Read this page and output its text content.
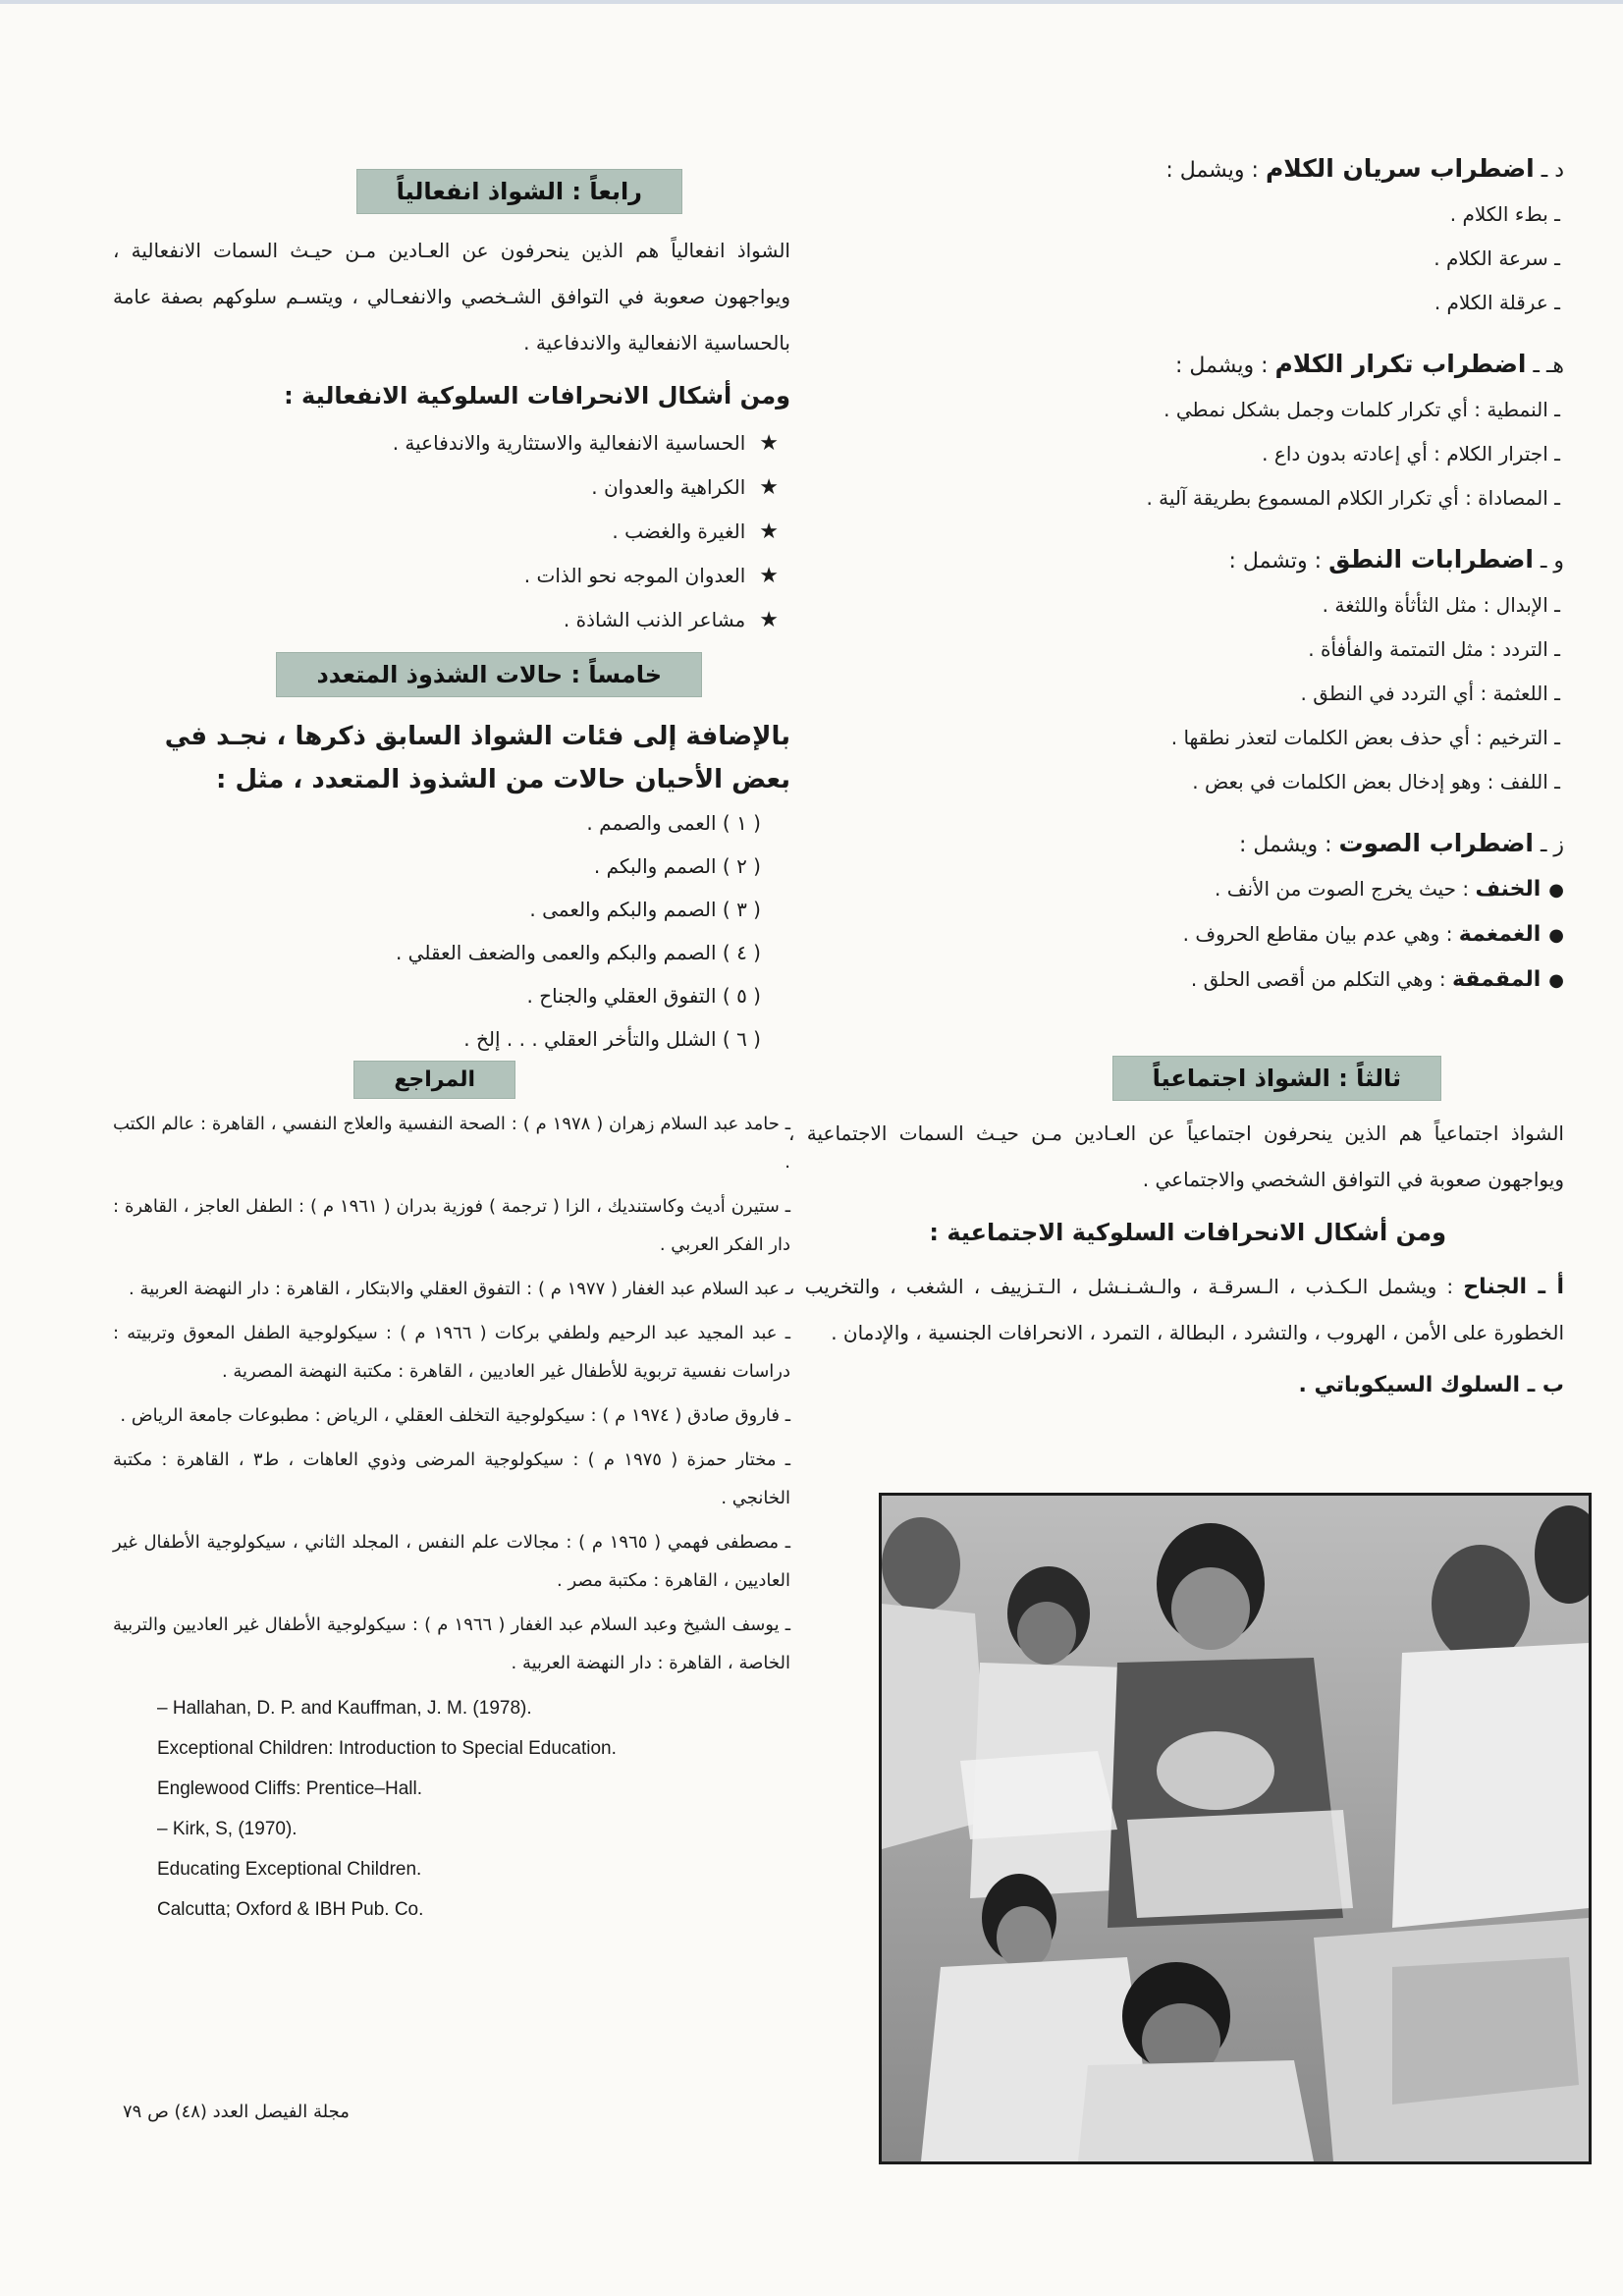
د ـ اضطراب سريان الكلام : ويشمل :
ـ بطء الكلام .
ـ سرعة الكلام .
ـ عرقلة الكلام .
هـ ـ اضطراب تكرار الكلام : ويشمل :
ـ النمطية : أي تكرار كلمات وجمل بشكل نمطي .
ـ اجترار الكلام : أي إعادته بدون داع .
ـ المصاداة : أي تكرار الكلام المسموع بطريقة آلية .
و ـ اضطرابات النطق : وتشمل :
ـ الإبدال : مثل الثأثأة واللثغة .
ـ التردد : مثل التمتمة والفأفأة .
ـ اللعثمة : أي التردد في النطق .
ـ الترخيم : أي حذف بعض الكلمات لتعذر نطقها .
ـ اللفف : وهو إدخال بعض الكلمات في بعض .
ز ـ اضطراب الصوت : ويشمل :
●الخنف : حيث يخرج الصوت من الأنف .
●الغمغمة : وهي عدم بيان مقاطع الحروف .
●المقمقة : وهي التكلم من أقصى الحلق .
ثالثاً : الشواذ اجتماعياً
الشواذ اجتماعياً هم الذين ينحرفون اجتماعياً عن العـادين مـن حيـث السمات الاجتماعية ، ويواجهون صعوبة في التوافق الشخصي والاجتماعي .
ومن أشكال الانحرافات السلوكية الاجتماعية :
أ ـ الجناح : ويشمل الـكـذب ، الـسرقـة ، والـشـنـشل ، الـتـزييف ، الشغب ، والتخريب ، الخطورة على الأمن ، الهروب ، والتشرد ، البطالة ، التمرد ، الانحرافات الجنسية ، والإدمان .
ب ـ السلوك السيكوباتي .
رابعاً : الشواذ انفعالياً
الشواذ انفعالياً هم الذين ينحرفون عن العـادين مـن حيـث السمات الانفعالية ، ويواجهون صعوبة في التوافق الشـخصي والانفعـالي ، ويتسـم سلوكهم بصفة عامة بالحساسية الانفعالية والاندفاعية .
ومن أشكال الانحرافات السلوكية الانفعالية :
★الحساسية الانفعالية والاستثارية والاندفاعية .
★الكراهية والعدوان .
★الغيرة والغضب .
★العدوان الموجه نحو الذات .
★مشاعر الذنب الشاذة .
خامساً : حالات الشذوذ المتعدد
بالإضافة إلى فئات الشواذ السابق ذكرها ، نجـد في بعض الأحيان حالات من الشذوذ المتعدد ، مثل :
( ١ ) العمى والصمم .
( ٢ ) الصمم والبكم .
( ٣ ) الصمم والبكم والعمى .
( ٤ ) الصمم والبكم والعمى والضعف العقلي .
( ٥ ) التفوق العقلي والجناح .
( ٦ ) الشلل والتأخر العقلي . . . إلخ .
المراجع
ـ حامد عبد السلام زهران ( ١٩٧٨ م ) : الصحة النفسية والعلاج النفسي ، القاهرة : عالم الكتب .
ـ ستيرن أديث وكاستنديك ، الزا ( ترجمة ) فوزية بدران ( ١٩٦١ م ) : الطفل العاجز ، القاهرة : دار الفكر العربي .
ـ عبد السلام عبد الغفار ( ١٩٧٧ م ) : التفوق العقلي والابتكار ، القاهرة : دار النهضة العربية .
ـ عبد المجيد عبد الرحيم ولطفي بركات ( ١٩٦٦ م ) : سيكولوجية الطفل المعوق وتربيته : دراسات نفسية تربوية للأطفال غير العاديين ، القاهرة : مكتبة النهضة المصرية .
ـ فاروق صادق ( ١٩٧٤ م ) : سيكولوجية التخلف العقلي ، الرياض : مطبوعات جامعة الرياض .
ـ مختار حمزة ( ١٩٧٥ م ) : سيكولوجية المرضى وذوي العاهات ، ط٣ ، القاهرة : مكتبة الخانجي .
ـ مصطفى فهمي ( ١٩٦٥ م ) : مجالات علم النفس ، المجلد الثاني ، سيكولوجية الأطفال غير العاديين ، القاهرة : مكتبة مصر .
ـ يوسف الشيخ وعبد السلام عبد الغفار ( ١٩٦٦ م ) : سيكولوجية الأطفال غير العاديين والتربية الخاصة ، القاهرة : دار النهضة العربية .
– Hallahan, D. P. and Kauffman, J. M. (1978).
Exceptional Children: Introduction to Special Education.
Englewood Cliffs: Prentice–Hall.
– Kirk, S, (1970).
Educating Exceptional Children.
Calcutta; Oxford & IBH Pub. Co.
مجلة الفيصل العدد (٤٨) ص ٧٩
